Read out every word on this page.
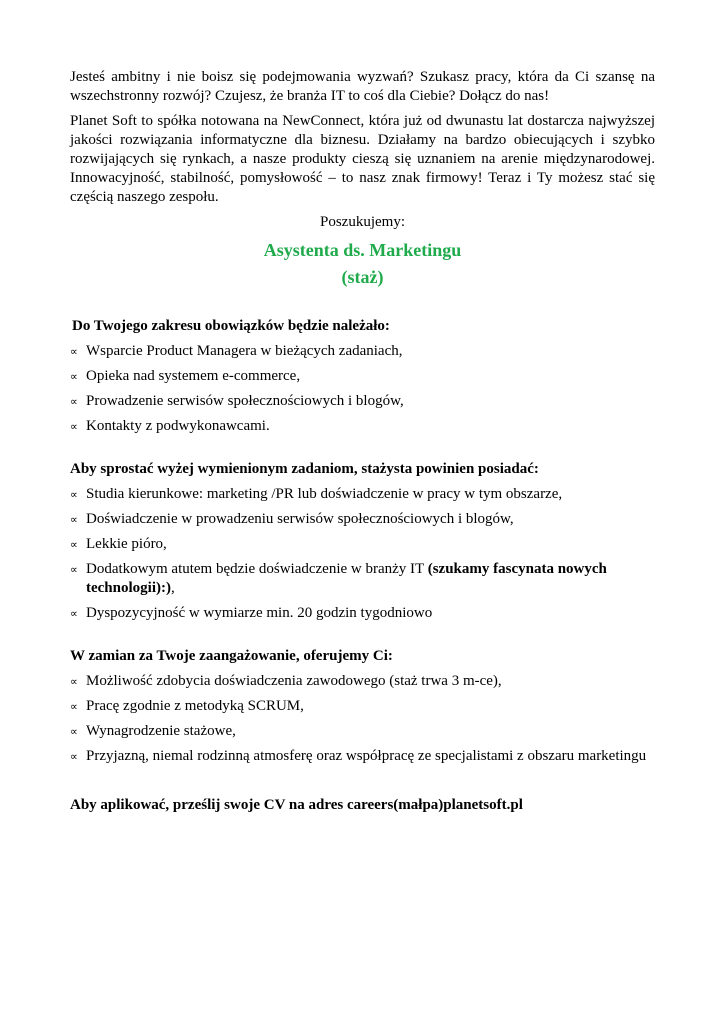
Jesteś ambitny i nie boisz się podejmowania wyzwań? Szukasz pracy, która da Ci szansę na wszechstronny rozwój? Czujesz, że branża IT to coś dla Ciebie? Dołącz do nas!

Planet Soft to spółka notowana na NewConnect, która już od dwunastu lat dostarcza najwyższej jakości rozwiązania informatyczne dla biznesu. Działamy na bardzo obiecujących i szybko rozwijających się rynkach, a nasze produkty cieszą się uznaniem na arenie międzynarodowej. Innowacyjność, stabilność, pomysłowość – to nasz znak firmowy! Teraz i Ty możesz stać się częścią naszego zespołu.

Poszukujemy:
Asystenta ds. Marketingu
(staż)
Do Twojego zakresu obowiązków będzie należało:
∝ Wsparcie Product Managera w bieżących zadaniach,
∝ Opieka nad systemem e-commerce,
∝ Prowadzenie serwisów społecznościowych i blogów,
∝ Kontakty z podwykonawcami.
Aby sprostać wyżej wymienionym zadaniom, stażysta powinien posiadać:
∝ Studia kierunkowe: marketing /PR lub doświadczenie w pracy w tym obszarze,
∝ Doświadczenie w prowadzeniu serwisów społecznościowych i blogów,
∝ Lekkie pióro,
∝ Dodatkowym atutem będzie doświadczenie w branży IT (szukamy fascynata nowych technologii):),
∝ Dyspozycyjność w wymiarze min. 20 godzin tygodniowo
W zamian za Twoje zaangażowanie, oferujemy Ci:
∝ Możliwość zdobycia doświadczenia zawodowego (staż trwa 3 m-ce),
∝ Pracę zgodnie z metodyką SCRUM,
∝ Wynagrodzenie stażowe,
∝ Przyjazną, niemal rodzinną atmosferę oraz współpracę ze specjalistami z obszaru marketingu
Aby aplikować, prześlij swoje CV na adres careers(małpa)planetsoft.pl
